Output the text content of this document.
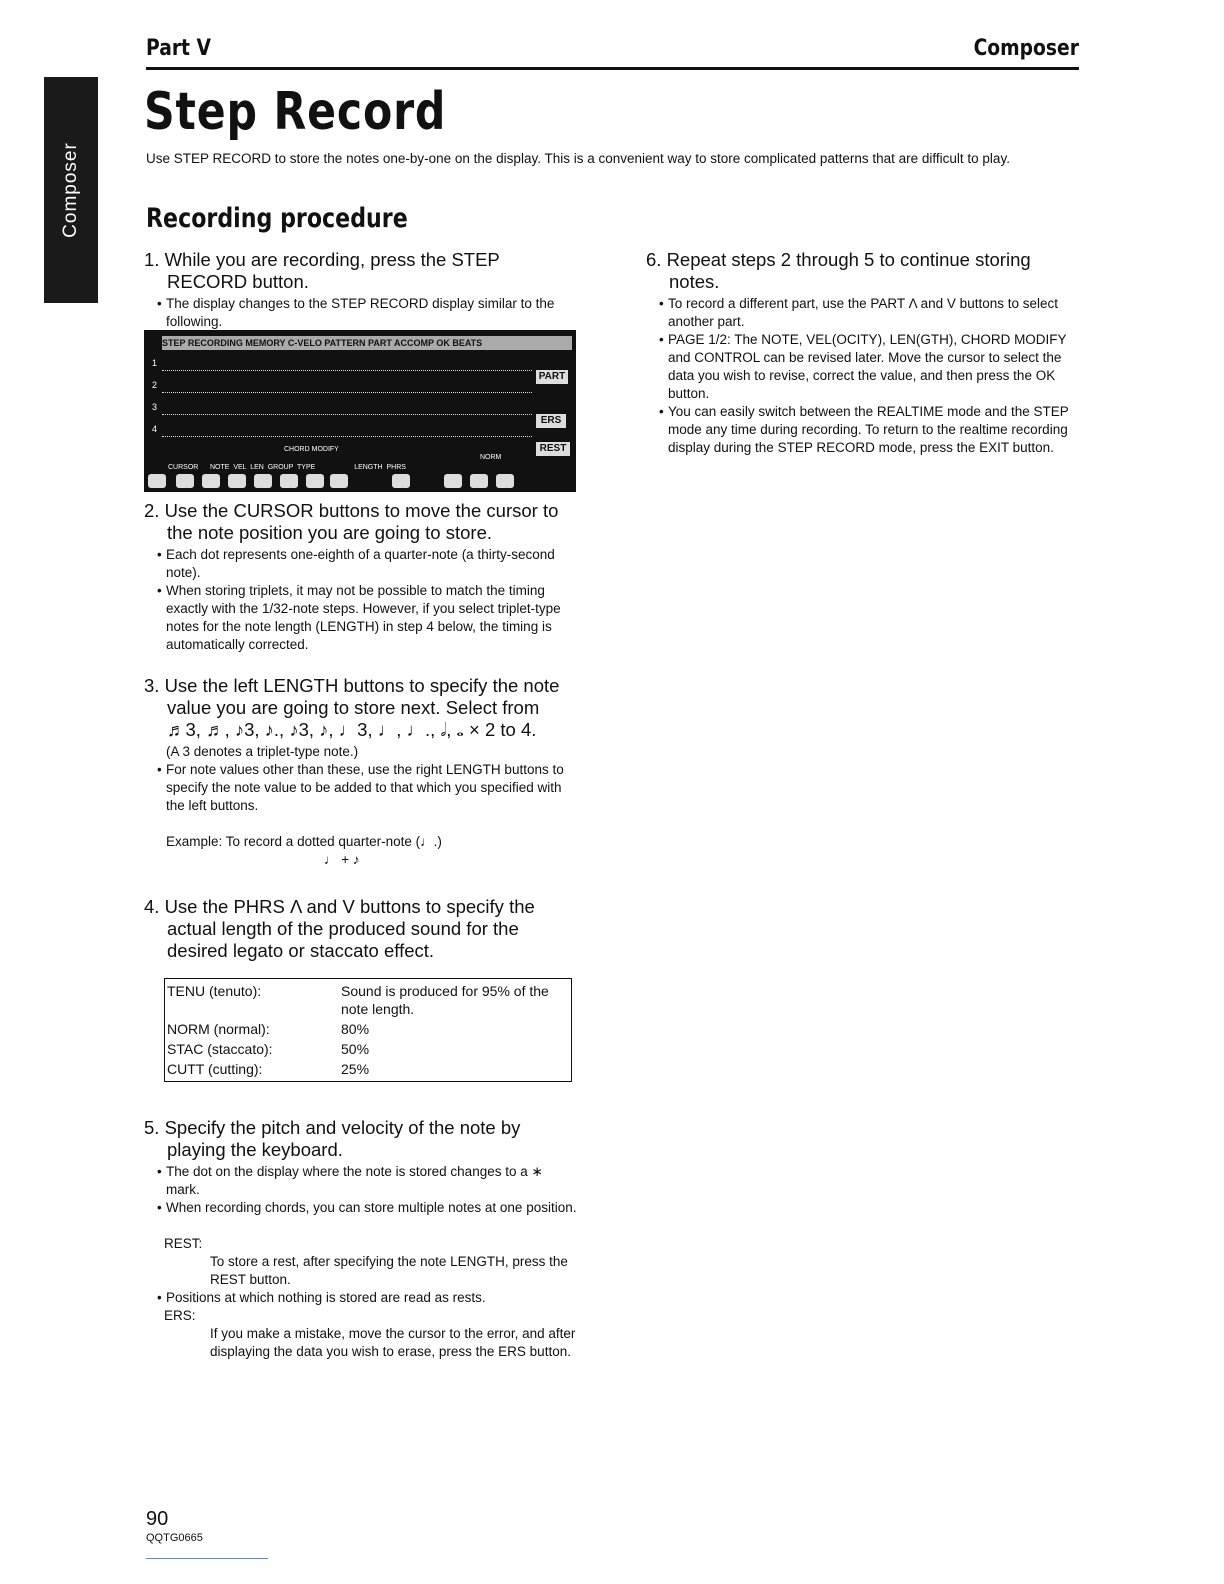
Composer
Part V	Composer
Step Record
Use STEP RECORD to store the notes one-by-one on the display. This is a convenient way to store complicated patterns that are difficult to play.
Recording procedure

1. While you are recording, press the STEP RECORD button.

• The display changes to the STEP RECORD display similar to the following.

STEP RECORDING MEMORY C-VELO PATTERN PART ACCOMP OK BEATS
1
2
3
4
PART
ERS
REST
CHORD MODIFY
NORM
CURSOR      NOTE  VEL  LEN  GROUP  TYPE                    LENGTH  PHRS

2. Use the CURSOR buttons to move the cursor to the note position you are going to store.

• Each dot represents one-eighth of a quarter-note (a thirty-second note).

• When storing triplets, it may not be possible to match the timing exactly with the 1/32-note steps. However, if you select triplet-type notes for the note length (LENGTH) in step 4 below, the timing is automatically corrected.

3. Use the left LENGTH buttons to specify the note value you are going to store next. Select from ♬3, ♬, ♪3, ♪., ♪3, ♪, ♩3, ♩, ♩., 𝅗𝅥, 𝅝 × 2 to 4.

(A 3 denotes a triplet-type note.)

• For note values other than these, use the right LENGTH buttons to specify the note value to be added to that which you specified with the left buttons.

Example: To record a dotted quarter-note (♩.)

♩ + ♪

4. Use the PHRS Λ and V buttons to specify the actual length of the produced sound for the desired legato or staccato effect.

TENU (tenuto):	Sound is produced for 95% of the note length.
NORM (normal):	80%
STAC (staccato):	50%
CUTT (cutting):	25%

5. Specify the pitch and velocity of the note by playing the keyboard.

• The dot on the display where the note is stored changes to a ∗ mark.

• When recording chords, you can store multiple notes at one position.

REST:

To store a rest, after specifying the note LENGTH, press the REST button.

• Positions at which nothing is stored are read as rests.

ERS:

If you make a mistake, move the cursor to the error, and after displaying the data you wish to erase, press the ERS button.

6. Repeat steps 2 through 5 to continue storing notes.

• To record a different part, use the PART Λ and V buttons to select another part.

• PAGE 1/2: The NOTE, VEL(OCITY), LEN(GTH), CHORD MODIFY and CONTROL can be revised later. Move the cursor to select the data you wish to revise, correct the value, and then press the OK button.

• You can easily switch between the REALTIME mode and the STEP mode any time during recording. To return to the realtime recording display during the STEP RECORD mode, press the EXIT button.

90
QQTG0665
